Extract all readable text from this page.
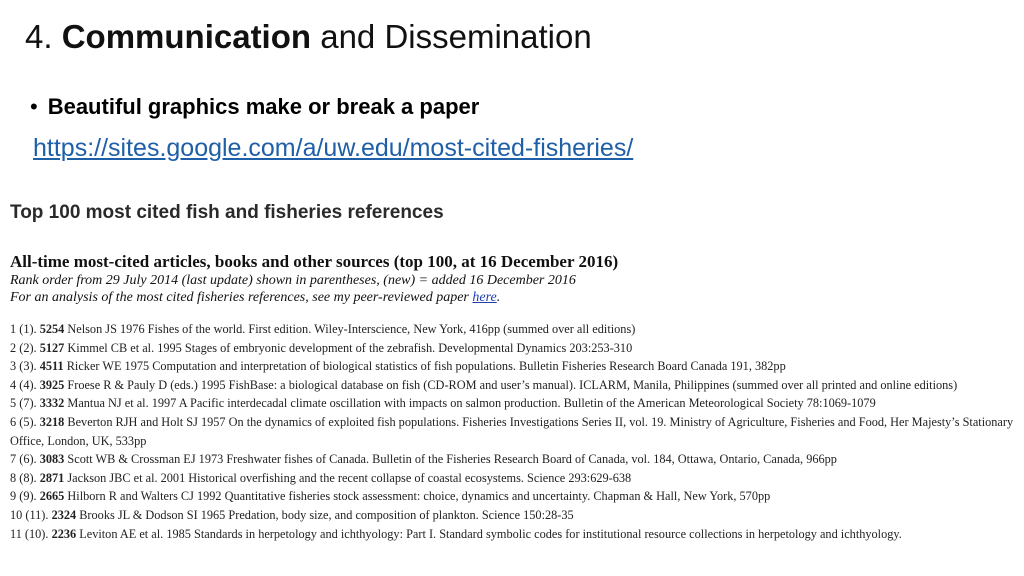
4. Communication and Dissemination
• Beautiful graphics make or break a paper
https://sites.google.com/a/uw.edu/most-cited-fisheries/
Top 100 most cited fish and fisheries references
All-time most-cited articles, books and other sources (top 100, at 16 December 2016)
Rank order from 29 July 2014 (last update) shown in parentheses, (new) = added 16 December 2016
For an analysis of the most cited fisheries references, see my peer-reviewed paper here.
1 (1). 5254 Nelson JS 1976 Fishes of the world. First edition. Wiley-Interscience, New York, 416pp (summed over all editions)
2 (2). 5127 Kimmel CB et al. 1995 Stages of embryonic development of the zebrafish. Developmental Dynamics 203:253-310
3 (3). 4511 Ricker WE 1975 Computation and interpretation of biological statistics of fish populations. Bulletin Fisheries Research Board Canada 191, 382pp
4 (4). 3925 Froese R & Pauly D (eds.) 1995 FishBase: a biological database on fish (CD-ROM and user’s manual). ICLARM, Manila, Philippines (summed over all printed and online editions)
5 (7). 3332 Mantua NJ et al. 1997 A Pacific interdecadal climate oscillation with impacts on salmon production. Bulletin of the American Meteorological Society 78:1069-1079
6 (5). 3218 Beverton RJH and Holt SJ 1957 On the dynamics of exploited fish populations. Fisheries Investigations Series II, vol. 19. Ministry of Agriculture, Fisheries and Food, Her Majesty’s Stationary Office, London, UK, 533pp
7 (6). 3083 Scott WB & Crossman EJ 1973 Freshwater fishes of Canada. Bulletin of the Fisheries Research Board of Canada, vol. 184, Ottawa, Ontario, Canada, 966pp
8 (8). 2871 Jackson JBC et al. 2001 Historical overfishing and the recent collapse of coastal ecosystems. Science 293:629-638
9 (9). 2665 Hilborn R and Walters CJ 1992 Quantitative fisheries stock assessment: choice, dynamics and uncertainty. Chapman & Hall, New York, 570pp
10 (11). 2324 Brooks JL & Dodson SI 1965 Predation, body size, and composition of plankton. Science 150:28-35
11 (10). 2236 Leviton AE et al. 1985 Standards in herpetology and ichthyology: Part I. Standard symbolic codes for institutional resource collections in herpetology and ichthyology.
